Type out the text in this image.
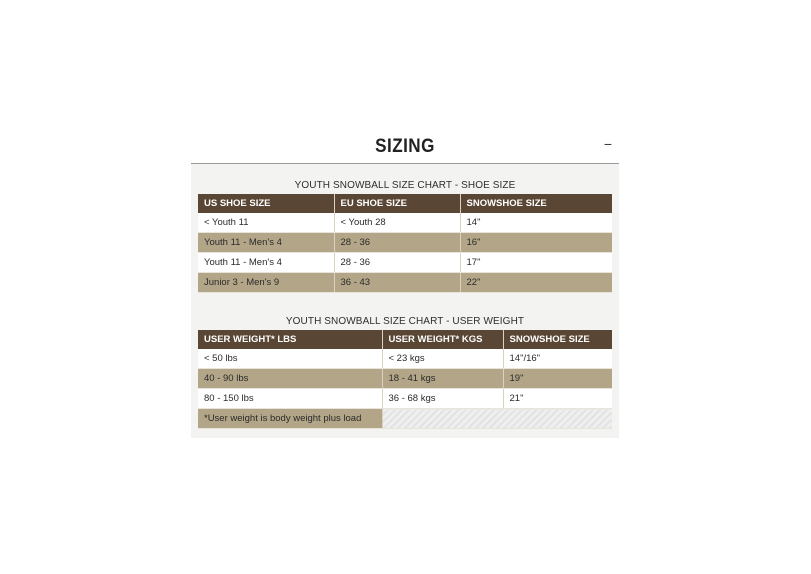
SIZING	−
YOUTH SNOWBALL SIZE CHART - SHOE SIZE
US SHOE SIZE	EU SHOE SIZE	SNOWSHOE SIZE
< Youth 11	< Youth 28	14"
Youth 11 - Men's 4	28 - 36	16"
Youth 11 - Men's 4	28 - 36	17"
Junior 3 - Men's 9	36 - 43	22"
YOUTH SNOWBALL SIZE CHART - USER WEIGHT
USER WEIGHT* LBS	USER WEIGHT* KGS	SNOWSHOE SIZE
< 50 lbs	< 23 kgs	14"/16"
40 - 90 lbs	18 - 41 kgs	19"
80 - 150 lbs	36 - 68 kgs	21"
*User weight is body weight plus load		
